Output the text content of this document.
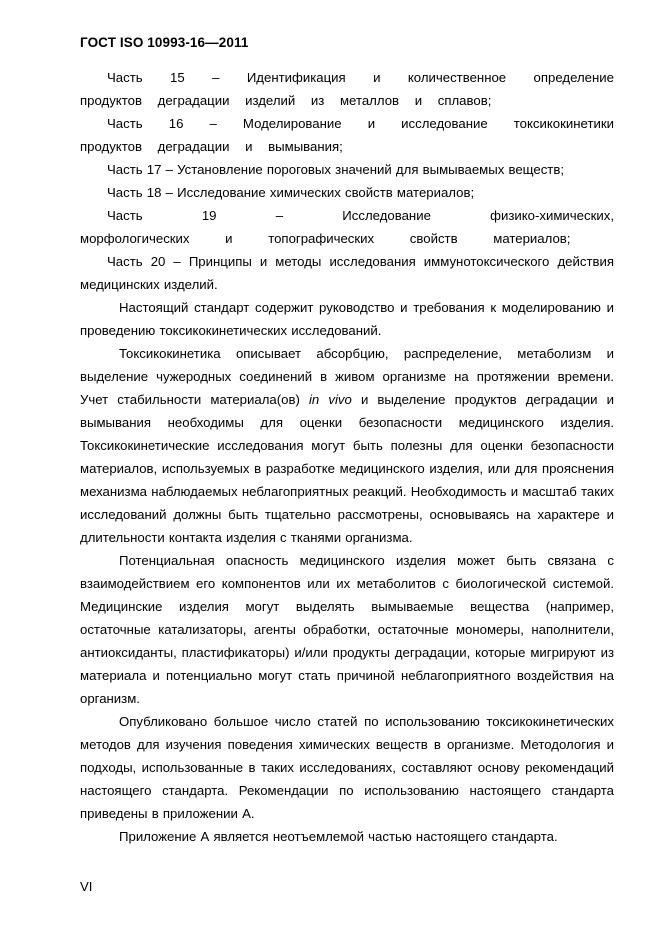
ГОСТ ISO 10993-16—2011

Часть 15 – Идентификация и количественное определение продуктов деградации изделий из металлов и сплавов;

Часть 16 – Моделирование и исследование токсикокинетики продуктов деградации и вымывания;

Часть 17 – Установление пороговых значений для вымываемых веществ;

Часть 18 – Исследование химических свойств материалов;

Часть 19 – Исследование физико-химических, морфологических и топографических свойств материалов;

Часть 20 – Принципы и методы исследования иммунотоксического действия медицинских изделий.

Настоящий стандарт содержит руководство и требования к моделированию и проведению токсикокинетических исследований.

Токсикокинетика описывает абсорбцию, распределение, метаболизм и выделение чужеродных соединений в живом организме на протяжении времени. Учет стабильности материала(ов) in vivo и выделение продуктов деградации и вымывания необходимы для оценки безопасности медицинского изделия. Токсикокинетические исследования могут быть полезны для оценки безопасности материалов, используемых в разработке медицинского изделия, или для прояснения механизма наблюдаемых неблагоприятных реакций. Необходимость и масштаб таких исследований должны быть тщательно рассмотрены, основываясь на характере и длительности контакта изделия с тканями организма.

Потенциальная опасность медицинского изделия может быть связана с взаимодействием его компонентов или их метаболитов с биологической системой. Медицинские изделия могут выделять вымываемые вещества (например, остаточные катализаторы, агенты обработки, остаточные мономеры, наполнители, антиоксиданты, пластификаторы) и/или продукты деградации, которые мигрируют из материала и потенциально могут стать причиной неблагоприятного воздействия на организм.

Опубликовано большое число статей по использованию токсикокинетических методов для изучения поведения химических веществ в организме. Методология и подходы, использованные в таких исследованиях, составляют основу рекомендаций настоящего стандарта. Рекомендации по использованию настоящего стандарта приведены в приложении А.

Приложение А является неотъемлемой частью настоящего стандарта.

VI
